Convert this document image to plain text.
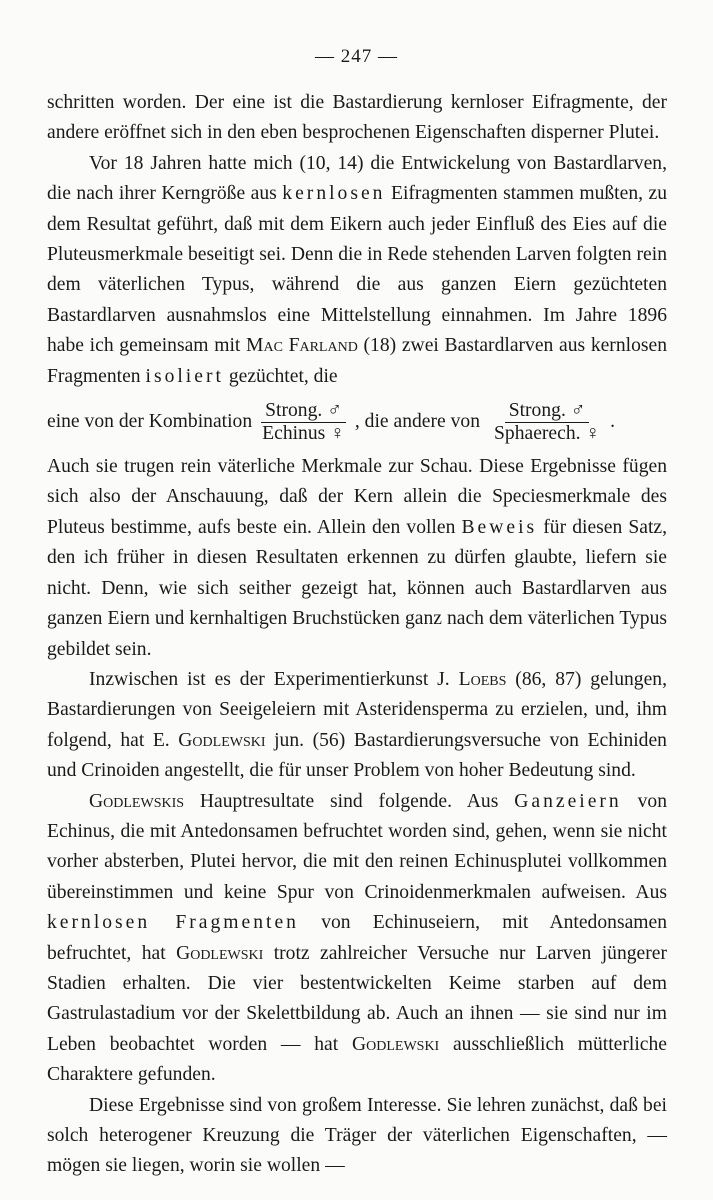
— 247 —

schritten worden. Der eine ist die Bastardierung kernloser Eifragmente, der andere eröffnet sich in den eben besprochenen Eigenschaften disperner Plutei.

Vor 18 Jahren hatte mich (10, 14) die Entwickelung von Bastardlarven, die nach ihrer Kerngröße aus kernlosen Eifragmenten stammen mußten, zu dem Resultat geführt, daß mit dem Eikern auch jeder Einfluß des Eies auf die Pluteusmerkmale beseitigt sei. Denn die in Rede stehenden Larven folgten rein dem väterlichen Typus, während die aus ganzen Eiern gezüchteten Bastardlarven ausnahmslos eine Mittelstellung einnahmen. Im Jahre 1896 habe ich gemeinsam mit Mac Farland (18) zwei Bastardlarven aus kernlosen Fragmenten isoliert gezüchtet, die

eine von der Kombination $\frac{\text{Strong. ♂}}{\text{Echinus ♀}}$ , die andere von $\frac{\text{Strong. ♂}}{\text{Sphaerech. ♀}}$ .

Auch sie trugen rein väterliche Merkmale zur Schau. Diese Ergebnisse fügen sich also der Anschauung, daß der Kern allein die Speciesmerkmale des Pluteus bestimme, aufs beste ein. Allein den vollen Beweis für diesen Satz, den ich früher in diesen Resultaten erkennen zu dürfen glaubte, liefern sie nicht. Denn, wie sich seither gezeigt hat, können auch Bastardlarven aus ganzen Eiern und kernhaltigen Bruchstücken ganz nach dem väterlichen Typus gebildet sein.

Inzwischen ist es der Experimentierkunst J. Loebs (86, 87) gelungen, Bastardierungen von Seeigeleiern mit Asteridensperma zu erzielen, und, ihm folgend, hat E. Godlewski jun. (56) Bastardierungsversuche von Echiniden und Crinoiden angestellt, die für unser Problem von hoher Bedeutung sind.

Godlewskis Hauptresultate sind folgende. Aus Ganzeiern von Echinus, die mit Antedonsamen befruchtet worden sind, gehen, wenn sie nicht vorher absterben, Plutei hervor, die mit den reinen Echinusplutei vollkommen übereinstimmen und keine Spur von Crinoidenmerkmalen aufweisen. Aus kernlosen Fragmenten von Echinuseiern, mit Antedonsamen befruchtet, hat Godlewski trotz zahlreicher Versuche nur Larven jüngerer Stadien erhalten. Die vier bestentwickelten Keime starben auf dem Gastrulastadium vor der Skelettbildung ab. Auch an ihnen — sie sind nur im Leben beobachtet worden — hat Godlewski ausschließlich mütterliche Charaktere gefunden.

Diese Ergebnisse sind von großem Interesse. Sie lehren zunächst, daß bei solch heterogener Kreuzung die Träger der väterlichen Eigenschaften, — mögen sie liegen, worin sie wollen —
